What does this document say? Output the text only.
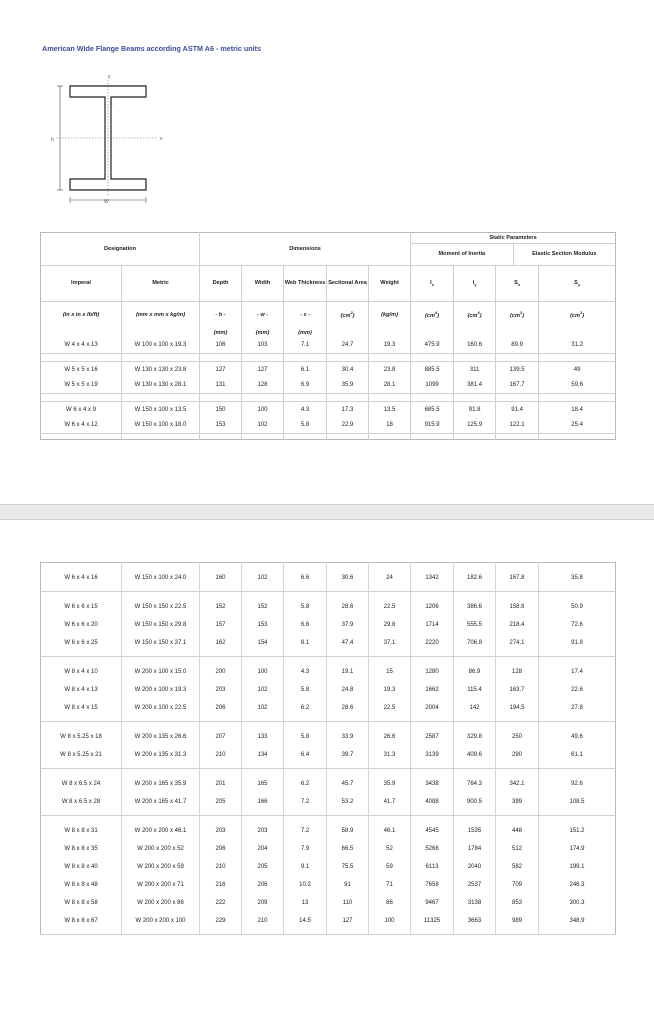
American Wide Flange Beams according ASTM A6 - metric units
y
x
s
h
W
Designation		Dimensions					Static Parameters
Moment of Inertia Elastic Section Modulus			

Imperal	Metric	Depth	Width	Web Thickness	Sectional Area	Weight	$I_x$	$I_y$	$S_x$	$S_y$
(in x in x lb/ft)	(mm x mm x kg/m)	- h -	- w -	- s -	$(cm^2)$	(kg/m)	$(cm^4)$	$(cm^4)$	$(cm^3)$	$(cm^3)$
		(mm)	(mm)	(mm)						
W 4 x 4 x 13	W 100 x 100 x 19.3	106	103	7.1	24.7	19.3	475.9	160.6	89.9	31.2

W 5 x 5 x 16	W 130 x 130 x 23.8	127	127	6.1	30.4	23.8	885.5	311	139.5	49
W 5 x 5 x 19	W 130 x 130 x 28.1	131	128	6.9	35.9	28.1	1099	381.4	167.7	59.6

W 6 x 4 x 9	W 150 x 100 x 13.5	150	100	4.3	17.3	13.5	685.5	91.8	91.4	18.4
W 6 x 4 x 12	W 150 x 100 x 18.0	153	102	5.8	22.9	18	915.9	125.9	122.1	25.4

W 6 x 4 x 16	W 150 x 100 x 24.0	160	102	6.6	30.6	24	1342	182.6	167.8	35.8

W 6 x 6 x 15	W 150 x 150 x 22.5	152	152	5.8	28.6	22.5	1206	386.6	158.6	50.9
W 6 x 6 x 20	W 150 x 150 x 29.8	157	153	6.6	37.9	29.8	1714	555.5	218.4	72.6
W 6 x 6 x 25	W 150 x 150 x 37.1	162	154	8.1	47.4	37.1	2220	706.8	274.1	91.8

W 8 x 4 x 10	W 200 x 100 x 15.0	200	100	4.3	19.1	15	1280	86.9	128	17.4
W 8 x 4 x 13	W 200 x 100 x 19.3	203	102	5.8	24.8	19.3	1662	115.4	163.7	22.6
W 8 x 4 x 15	W 200 x 100 x 22.5	206	102	6.2	28.6	22.5	2004	142	194.5	27.8

W 8 x 5.25 x 18	W 200 x 135 x 26.6	207	133	5.8	33.9	26.6	2587	329.8	250	49.6
W 8 x 5.25 x 21	W 200 x 135 x 31.3	210	134	6.4	39.7	31.3	3139	409.6	290	61.1

W 8 x 6.5 x 24	W 200 x 165 x 35.9	201	165	6.2	45.7	35.9	3438	764.3	342.1	92.6
W 8 x 6.5 x 28	W 200 x 165 x 41.7	205	166	7.2	53.2	41.7	4088	900.5	399	108.5

W 8 x 8 x 31	W 200 x 200 x 46.1	203	203	7.2	58.9	46.1	4545	1535	448	151.2
W 8 x 8 x 35	W 200 x 200 x 52	206	204	7.9	66.5	52	5268	1784	512	174.9
W 8 x 8 x 40	W 200 x 200 x 59	210	205	9.1	75.5	59	6113	2040	582	199.1
W 8 x 8 x 48	W 200 x 200 x 71	216	206	10.2	91	71	7658	2537	709	246.3
W 8 x 8 x 58	W 200 x 200 x 86	222	209	13	110	86	9467	3138	853	300.3
W 8 x 8 x 67	W 200 x 200 x 100	229	210	14.5	127	100	11325	3663	989	348.9
